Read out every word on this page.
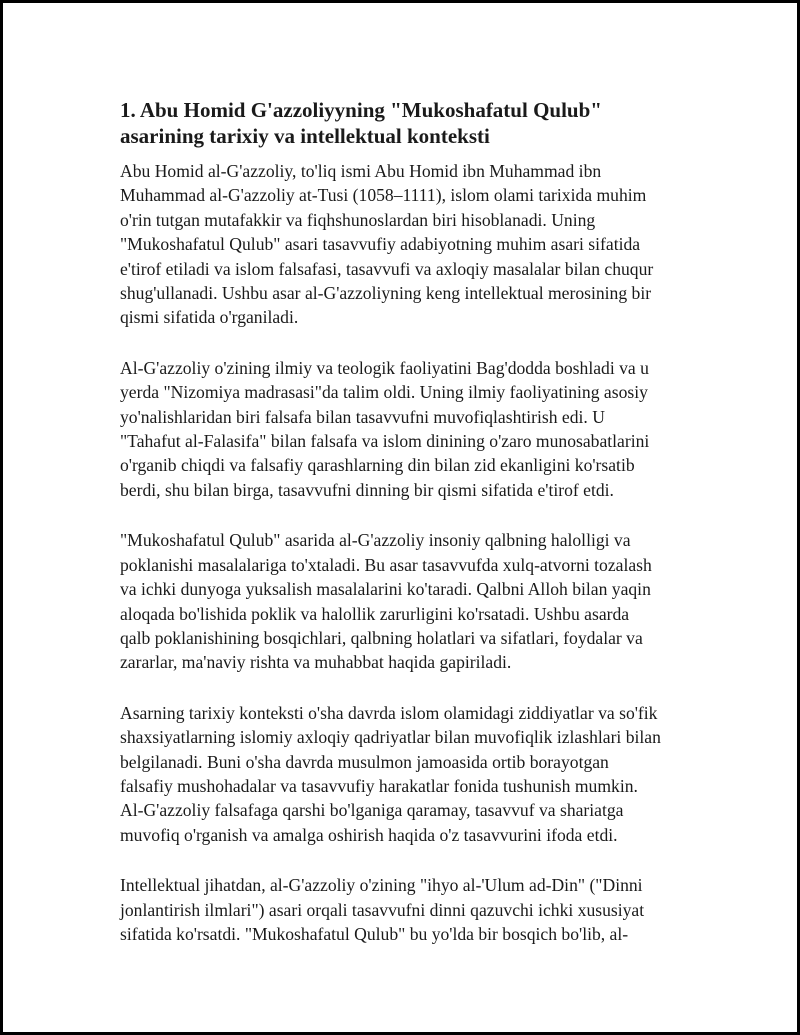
1. Abu Homid G'azzoliyyning "Mukoshafatul Qulub"
asarining tarixiy va intellektual konteksti

Abu Homid al-G'azzoliy, to'liq ismi Abu Homid ibn Muhammad ibn
Muhammad al-G'azzoliy at-Tusi (1058–1111), islom olami tarixida muhim
o'rin tutgan mutafakkir va fiqhshunoslardan biri hisoblanadi. Uning
"Mukoshafatul Qulub" asari tasavvufiy adabiyotning muhim asari sifatida
e'tirof etiladi va islom falsafasi, tasavvufi va axloqiy masalalar bilan chuqur
shug'ullanadi. Ushbu asar al-G'azzoliyning keng intellektual merosining bir
qismi sifatida o'rganiladi.

Al-G'azzoliy o'zining ilmiy va teologik faoliyatini Bag'dodda boshladi va u
yerda "Nizomiya madrasasi"da talim oldi. Uning ilmiy faoliyatining asosiy
yo'nalishlaridan biri falsafa bilan tasavvufni muvofiqlashtirish edi. U
"Tahafut al-Falasifa" bilan falsafa va islom dinining o'zaro munosabatlarini
o'rganib chiqdi va falsafiy qarashlarning din bilan zid ekanligini ko'rsatib
berdi, shu bilan birga, tasavvufni dinning bir qismi sifatida e'tirof etdi.

"Mukoshafatul Qulub" asarida al-G'azzoliy insoniy qalbning halolligi va
poklanishi masalalariga to'xtaladi. Bu asar tasavvufda xulq-atvorni tozalash
va ichki dunyoga yuksalish masalalarini ko'taradi. Qalbni Alloh bilan yaqin
aloqada bo'lishida poklik va halollik zarurligini ko'rsatadi. Ushbu asarda
qalb poklanishining bosqichlari, qalbning holatlari va sifatlari, foydalar va
zararlar, ma'naviy rishta va muhabbat haqida gapiriladi.

Asarning tarixiy konteksti o'sha davrda islom olamidagi ziddiyatlar va so'fik
shaxsiyatlarning islomiy axloqiy qadriyatlar bilan muvofiqlik izlashlari bilan
belgilanadi. Buni o'sha davrda musulmon jamoasida ortib borayotgan
falsafiy mushohadalar va tasavvufiy harakatlar fonida tushunish mumkin.
Al-G'azzoliy falsafaga qarshi bo'lganiga qaramay, tasavvuf va shariatga
muvofiq o'rganish va amalga oshirish haqida o'z tasavvurini ifoda etdi.

Intellektual jihatdan, al-G'azzoliy o'zining "ihyo al-'Ulum ad-Din" ("Dinni
jonlantirish ilmlari") asari orqali tasavvufni dinni qazuvchi ichki xususiyat
sifatida ko'rsatdi. "Mukoshafatul Qulub" bu yo'lda bir bosqich bo'lib, al-
